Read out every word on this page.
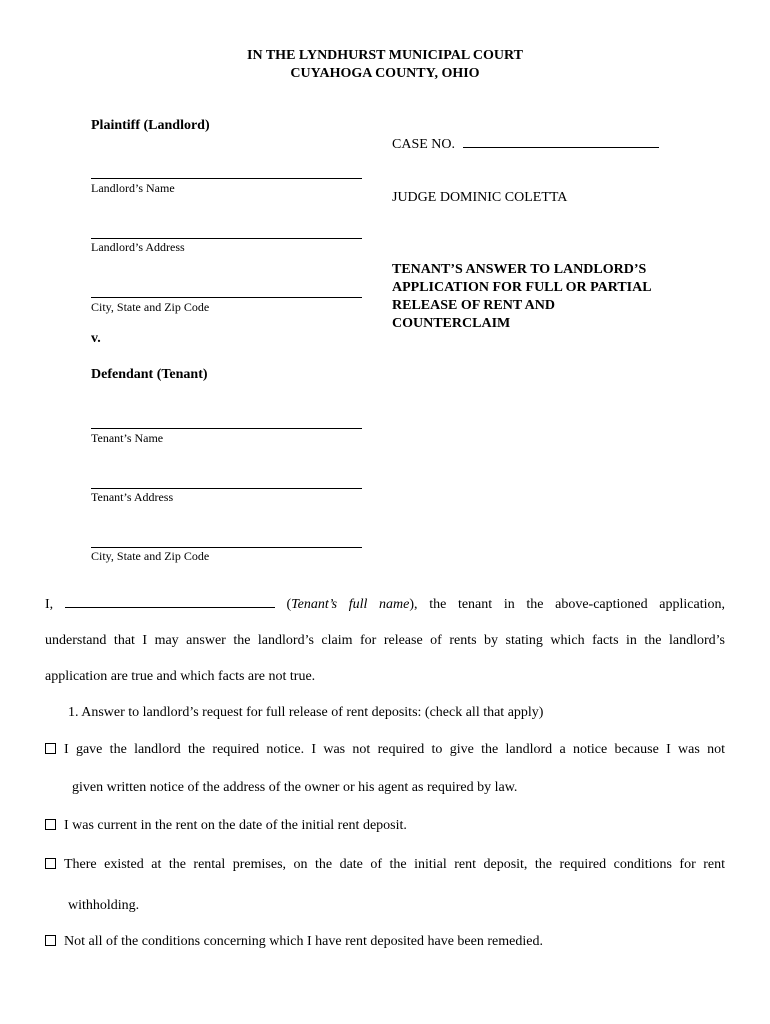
IN THE LYNDHURST MUNICIPAL COURT
CUYAHOGA COUNTY, OHIO
Plaintiff (Landlord)
Landlord’s Name
Landlord’s Address
City, State and Zip Code
v.
Defendant (Tenant)
Tenant’s Name
Tenant’s Address
City, State and Zip Code
CASE NO.
JUDGE DOMINIC COLETTA
TENANT’S ANSWER TO LANDLORD’S
APPLICATION FOR FULL OR PARTIAL
RELEASE OF RENT AND
COUNTERCLAIM
I,	(Tenant’s full name), the tenant in the above-captioned application,
understand that I may answer the landlord’s claim for release of rents by stating which facts in the landlord’s
application are true and which facts are not true.
1. Answer to landlord’s request for full release of rent deposits: (check all that apply)
I gave the landlord the required notice. I was not required to give the landlord a notice because I was not
given written notice of the address of the owner or his agent as required by law.
I was current in the rent on the date of the initial rent deposit.
There existed at the rental premises, on the date of the initial rent deposit, the required conditions for rent
withholding.
Not all of the conditions concerning which I have rent deposited have been remedied.
